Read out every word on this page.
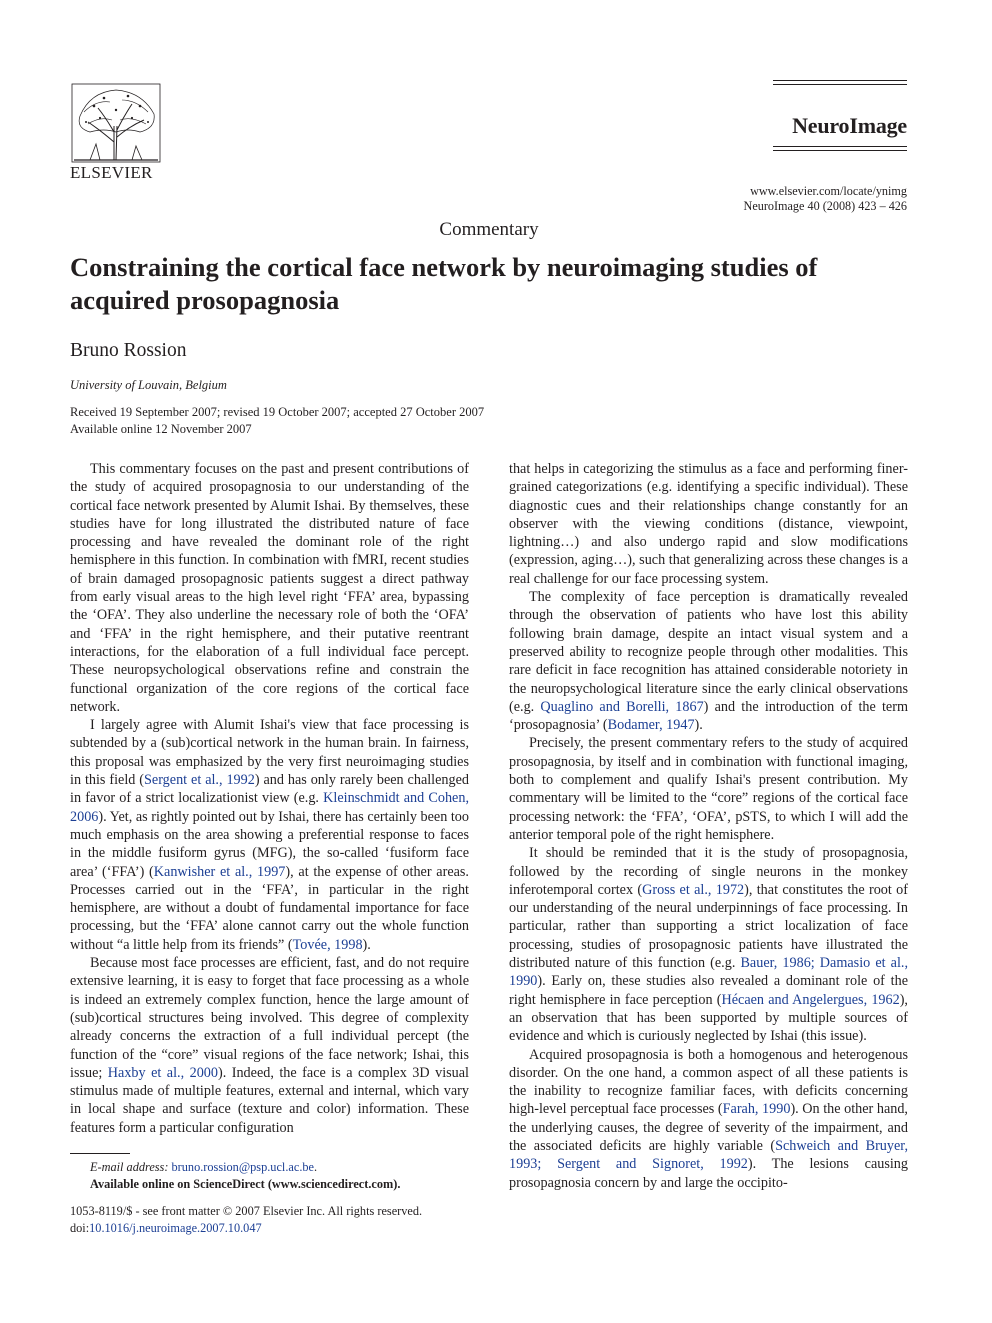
ELSEVIER
NeuroImage
www.elsevier.com/locate/ynimg
NeuroImage 40 (2008) 423 – 426
Commentary
Constraining the cortical face network by neuroimaging studies of acquired prosopagnosia
Bruno Rossion
University of Louvain, Belgium
Received 19 September 2007; revised 19 October 2007; accepted 27 October 2007
Available online 12 November 2007

This commentary focuses on the past and present contributions of the study of acquired prosopagnosia to our understanding of the cortical face network presented by Alumit Ishai. By themselves, these studies have for long illustrated the distributed nature of face processing and have revealed the dominant role of the right hemisphere in this function. In combination with fMRI, recent studies of brain damaged prosopagnosic patients suggest a direct pathway from early visual areas to the high level right ‘FFA’ area, bypassing the ‘OFA’. They also underline the necessary role of both the ‘OFA’ and ‘FFA’ in the right hemisphere, and their putative reentrant interactions, for the elaboration of a full individual face percept. These neuropsychological observations refine and constrain the functional organization of the core regions of the cortical face network.

I largely agree with Alumit Ishai's view that face processing is subtended by a (sub)cortical network in the human brain. In fairness, this proposal was emphasized by the very first neuroimaging studies in this field (Sergent et al., 1992) and has only rarely been challenged in favor of a strict localizationist view (e.g. Kleinschmidt and Cohen, 2006). Yet, as rightly pointed out by Ishai, there has certainly been too much emphasis on the area showing a preferential response to faces in the middle fusiform gyrus (MFG), the so-called ‘fusiform face area’ (‘FFA’) (Kanwisher et al., 1997), at the expense of other areas. Processes carried out in the ‘FFA’, in particular in the right hemisphere, are without a doubt of fundamental importance for face processing, but the ‘FFA’ alone cannot carry out the whole function without “a little help from its friends” (Tovée, 1998).

Because most face processes are efficient, fast, and do not require extensive learning, it is easy to forget that face processing as a whole is indeed an extremely complex function, hence the large amount of (sub)cortical structures being involved. This degree of complexity already concerns the extraction of a full individual percept (the function of the “core” visual regions of the face network; Ishai, this issue; Haxby et al., 2000). Indeed, the face is a complex 3D visual stimulus made of multiple features, external and internal, which vary in local shape and surface (texture and color) information. These features form a particular configuration

that helps in categorizing the stimulus as a face and performing finer-grained categorizations (e.g. identifying a specific individual). These diagnostic cues and their relationships change constantly for an observer with the viewing conditions (distance, viewpoint, lightning…) and also undergo rapid and slow modifications (expression, aging…), such that generalizing across these changes is a real challenge for our face processing system.

The complexity of face perception is dramatically revealed through the observation of patients who have lost this ability following brain damage, despite an intact visual system and a preserved ability to recognize people through other modalities. This rare deficit in face recognition has attained considerable notoriety in the neuropsychological literature since the early clinical observations (e.g. Quaglino and Borelli, 1867) and the introduction of the term ‘prosopagnosia’ (Bodamer, 1947).

Precisely, the present commentary refers to the study of acquired prosopagnosia, by itself and in combination with functional imaging, both to complement and qualify Ishai's present contribution. My commentary will be limited to the “core” regions of the cortical face processing network: the ‘FFA’, ‘OFA’, pSTS, to which I will add the anterior temporal pole of the right hemisphere.

It should be reminded that it is the study of prosopagnosia, followed by the recording of single neurons in the monkey inferotemporal cortex (Gross et al., 1972), that constitutes the root of our understanding of the neural underpinnings of face processing. In particular, rather than supporting a strict localization of face processing, studies of prosopagnosic patients have illustrated the distributed nature of this function (e.g. Bauer, 1986; Damasio et al., 1990). Early on, these studies also revealed a dominant role of the right hemisphere in face perception (Hécaen and Angelergues, 1962), an observation that has been supported by multiple sources of evidence and which is curiously neglected by Ishai (this issue).

Acquired prosopagnosia is both a homogenous and heterogenous disorder. On the one hand, a common aspect of all these patients is the inability to recognize familiar faces, with deficits concerning high-level perceptual face processes (Farah, 1990). On the other hand, the underlying causes, the degree of severity of the impairment, and the associated deficits are highly variable (Schweich and Bruyer, 1993; Sergent and Signoret, 1992). The lesions causing prosopagnosia concern by and large the occipito-

E-mail address: bruno.rossion@psp.ucl.ac.be.
Available online on ScienceDirect (www.sciencedirect.com).
1053-8119/$ - see front matter © 2007 Elsevier Inc. All rights reserved.
doi:10.1016/j.neuroimage.2007.10.047
